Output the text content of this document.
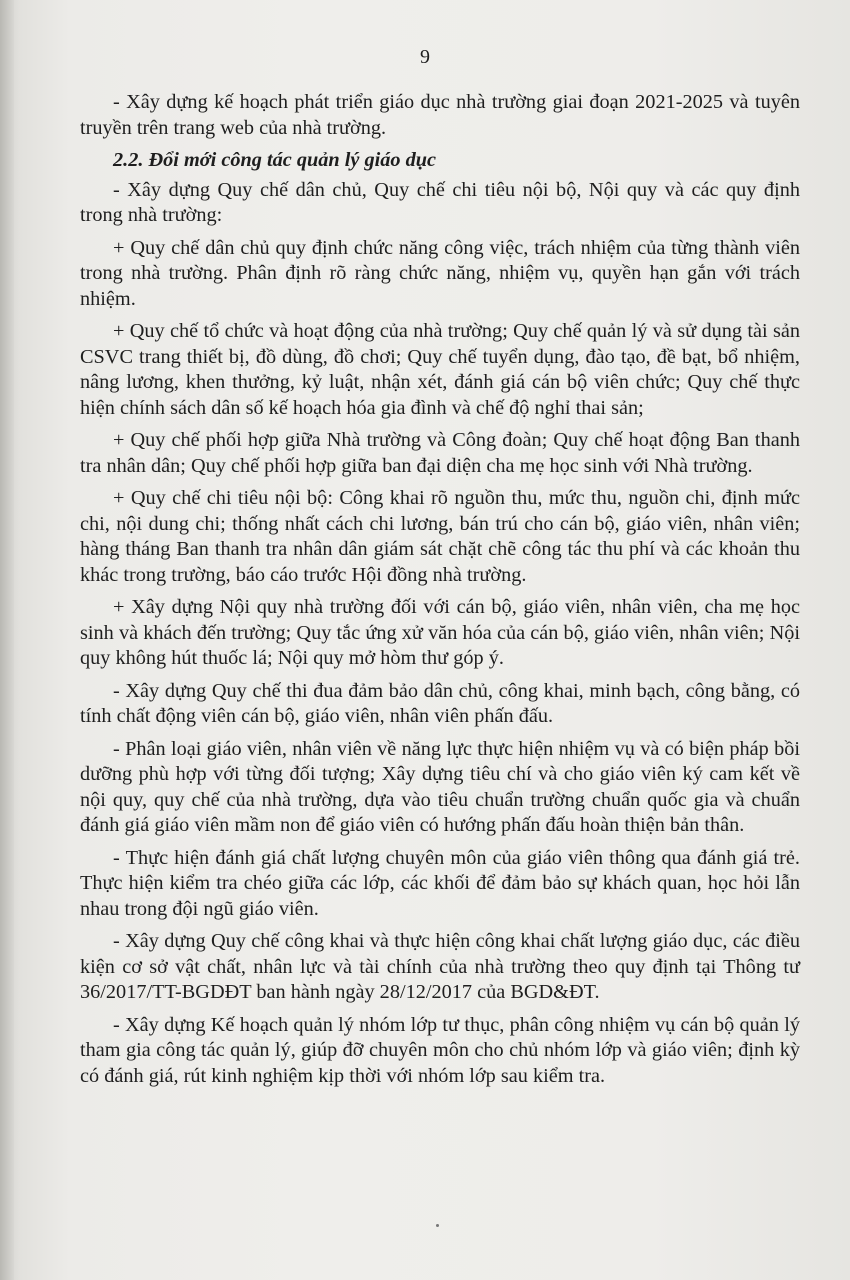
9

- Xây dựng kế hoạch phát triển giáo dục nhà trường giai đoạn 2021-2025 và tuyên truyền trên trang web của nhà trường.

2.2. Đổi mới công tác quản lý giáo dục

- Xây dựng Quy chế dân chủ, Quy chế chi tiêu nội bộ, Nội quy và các quy định trong nhà trường:

+ Quy chế dân chủ quy định chức năng công việc, trách nhiệm của từng thành viên trong nhà trường. Phân định rõ ràng chức năng, nhiệm vụ, quyền hạn gắn với trách nhiệm.

+ Quy chế tổ chức và hoạt động của nhà trường; Quy chế quản lý và sử dụng tài sản CSVC trang thiết bị, đồ dùng, đồ chơi; Quy chế tuyển dụng, đào tạo, đề bạt, bổ nhiệm, nâng lương, khen thưởng, kỷ luật, nhận xét, đánh giá cán bộ viên chức; Quy chế thực hiện chính sách dân số kế hoạch hóa gia đình và chế độ nghỉ thai sản;

+ Quy chế phối hợp giữa Nhà trường và Công đoàn; Quy chế hoạt động Ban thanh tra nhân dân; Quy chế phối hợp giữa ban đại diện cha mẹ học sinh với Nhà trường.

+ Quy chế chi tiêu nội bộ: Công khai rõ nguồn thu, mức thu, nguồn chi, định mức chi, nội dung chi; thống nhất cách chi lương, bán trú cho cán bộ, giáo viên, nhân viên; hàng tháng Ban thanh tra nhân dân giám sát chặt chẽ công tác thu phí và các khoản thu khác trong trường, báo cáo trước Hội đồng nhà trường.

+ Xây dựng Nội quy nhà trường đối với cán bộ, giáo viên, nhân viên, cha mẹ học sinh và khách đến trường; Quy tắc ứng xử văn hóa của cán bộ, giáo viên, nhân viên; Nội quy không hút thuốc lá; Nội quy mở hòm thư góp ý.

- Xây dựng Quy chế thi đua đảm bảo dân chủ, công khai, minh bạch, công bằng, có tính chất động viên cán bộ, giáo viên, nhân viên phấn đấu.

- Phân loại giáo viên, nhân viên về năng lực thực hiện nhiệm vụ và có biện pháp bồi dưỡng phù hợp với từng đối tượng; Xây dựng tiêu chí và cho giáo viên ký cam kết về nội quy, quy chế của nhà trường, dựa vào tiêu chuẩn trường chuẩn quốc gia và chuẩn đánh giá giáo viên mầm non để giáo viên có hướng phấn đấu hoàn thiện bản thân.

- Thực hiện đánh giá chất lượng chuyên môn của giáo viên thông qua đánh giá trẻ. Thực hiện kiểm tra chéo giữa các lớp, các khối để đảm bảo sự khách quan, học hỏi lẫn nhau trong đội ngũ giáo viên.

- Xây dựng Quy chế công khai và thực hiện công khai chất lượng giáo dục, các điều kiện cơ sở vật chất, nhân lực và tài chính của nhà trường theo quy định tại Thông tư 36/2017/TT-BGDĐT ban hành ngày 28/12/2017 của BGD&ĐT.

- Xây dựng Kế hoạch quản lý nhóm lớp tư thục, phân công nhiệm vụ cán bộ quản lý tham gia công tác quản lý, giúp đỡ chuyên môn cho chủ nhóm lớp và giáo viên; định kỳ có đánh giá, rút kinh nghiệm kịp thời với nhóm lớp sau kiểm tra.
